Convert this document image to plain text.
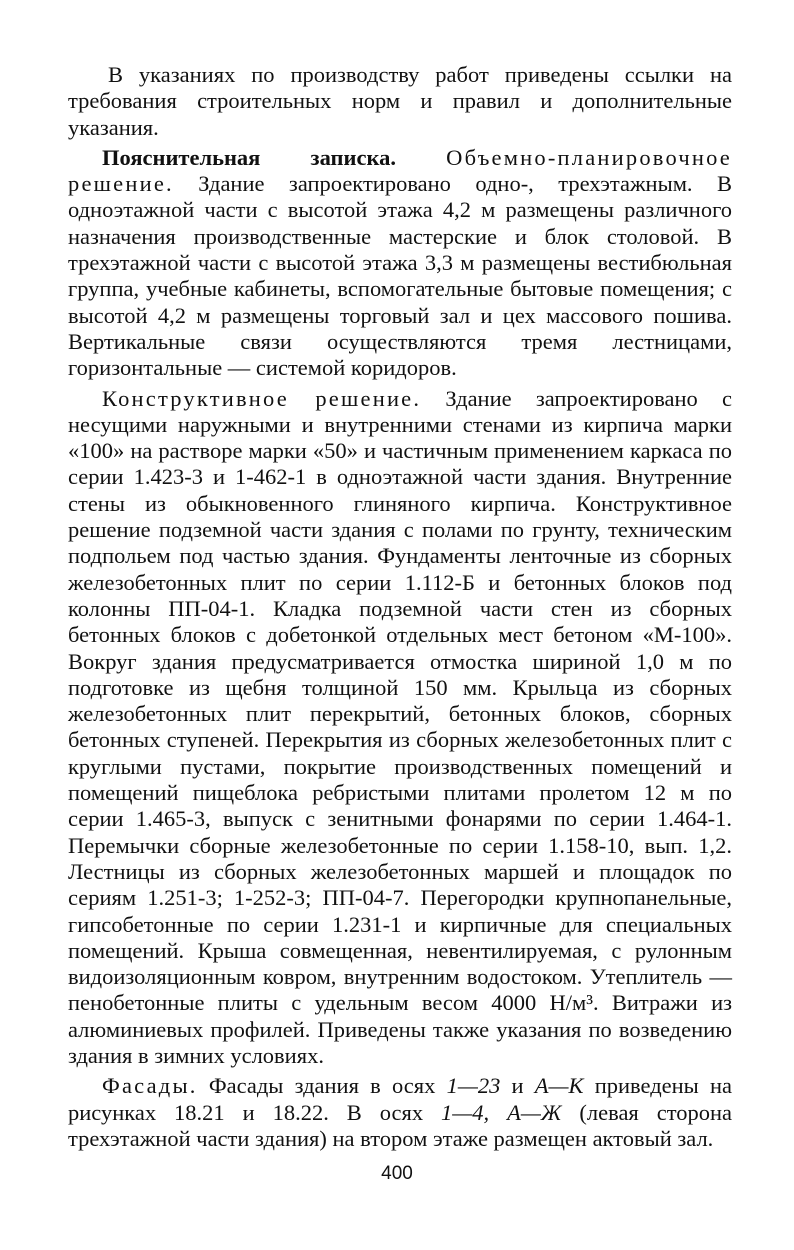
В указаниях по производству работ приведены ссылки на требования строительных норм и правил и дополнительные указания.

Пояснительная записка. Объемно-планировочное решение. Здание запроектировано одно-, трехэтажным. В одноэтажной части с высотой этажа 4,2 м размещены различного назначения производственные мастерские и блок столовой. В трехэтажной части с высотой этажа 3,3 м размещены вестибюльная группа, учебные кабинеты, вспомогательные бытовые помещения; с высотой 4,2 м размещены торговый зал и цех массового пошива. Вертикальные связи осуществляются тремя лестницами, горизонтальные — системой коридоров.

Конструктивное решение. Здание запроектировано с несущими наружными и внутренними стенами из кирпича марки «100» на растворе марки «50» и частичным применением каркаса по серии 1.423-3 и 1-462-1 в одноэтажной части здания. Внутренние стены из обыкновенного глиняного кирпича. Конструктивное решение подземной части здания с полами по грунту, техническим подпольем под частью здания. Фундаменты ленточные из сборных железобетонных плит по серии 1.112-Б и бетонных блоков под колонны ПП-04-1. Кладка подземной части стен из сборных бетонных блоков с добетонкой отдельных мест бетоном «М-100». Вокруг здания предусматривается отмостка шириной 1,0 м по подготовке из щебня толщиной 150 мм. Крыльца из сборных железобетонных плит перекрытий, бетонных блоков, сборных бетонных ступеней. Перекрытия из сборных железобетонных плит с круглыми пустами, покрытие производственных помещений и помещений пищеблока ребристыми плитами пролетом 12 м по серии 1.465-3, выпуск с зенитными фонарями по серии 1.464-1. Перемычки сборные железобетонные по серии 1.158-10, вып. 1,2. Лестницы из сборных железобетонных маршей и площадок по сериям 1.251-3; 1-252-3; ПП-04-7. Перегородки крупнопанельные, гипсобетонные по серии 1.231-1 и кирпичные для специальных помещений. Крыша совмещенная, невентилируемая, с рулонным видоизоляционным ковром, внутренним водостоком. Утеплитель — пенобетонные плиты с удельным весом 4000 Н/м³. Витражи из алюминиевых профилей. Приведены также указания по возведению здания в зимних условиях.

Фасады. Фасады здания в осях 1—23 и А—К приведены на рисунках 18.21 и 18.22. В осях 1—4, А—Ж (левая сторона трехэтажной части здания) на втором этаже размещен актовый зал.

400
